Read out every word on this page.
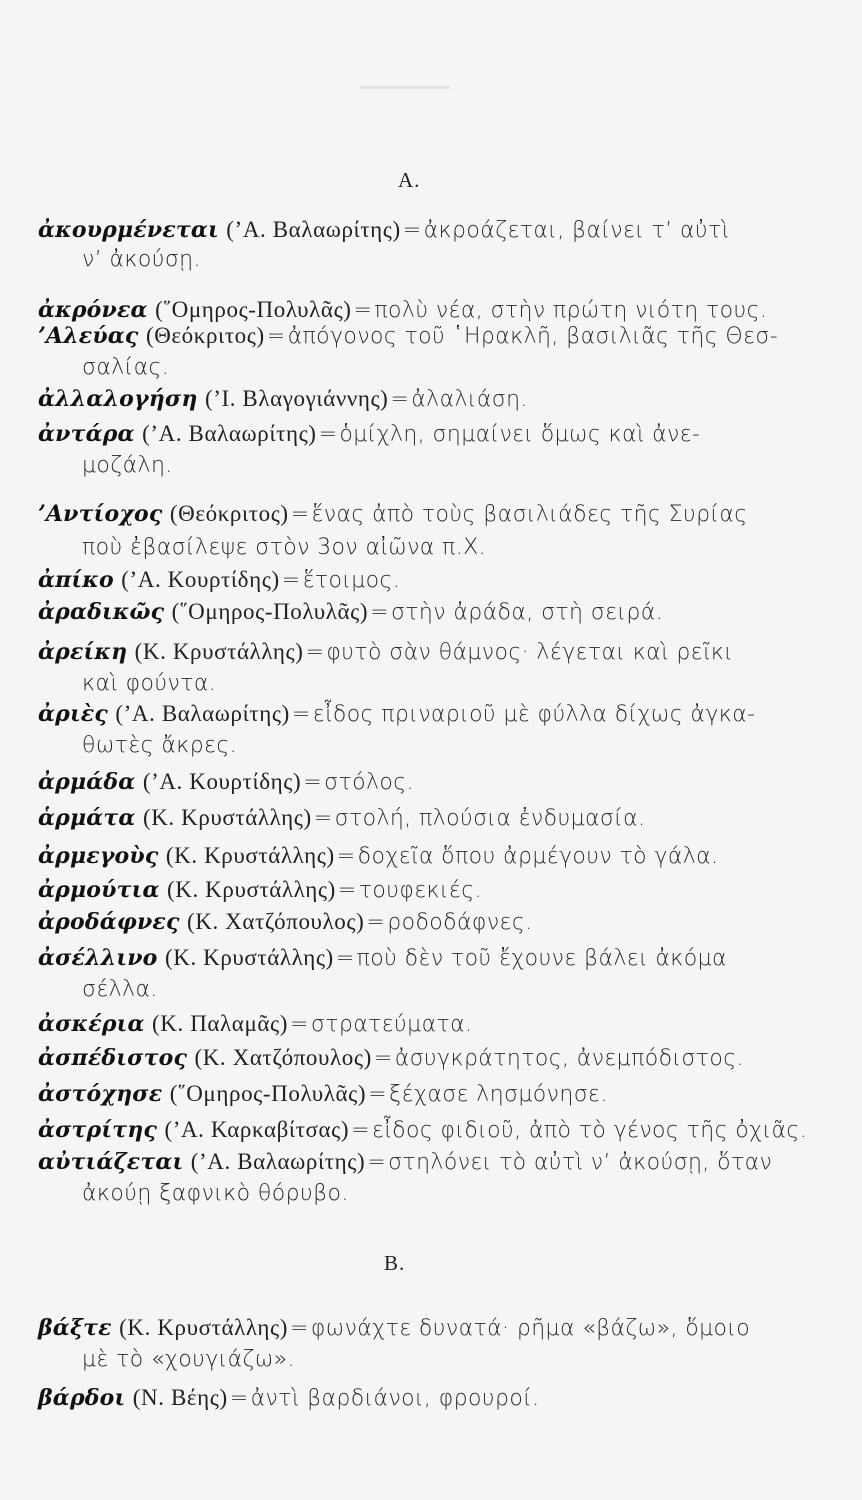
A.
ἀκουρμένεται (ʼΑ. Βαλαωρίτης)=ἀκροάζεται, βαίνει τʼ αὐτὶ
νʼ ἀκούσῃ.
ἀκρόνεα (῞Ομηρος-Πολυλᾶς)=πολὺ νέα, στὴν πρώτη νιότη τους.
ʼΑλεύας (Θεόκριτος)=ἀπόγονος τοῦ ῾Ηρακλῆ, βασιλιᾶς τῆς Θεσ-
σαλίας.
ἀλλαλογήση (ʼΙ. Βλαγογιάννης)=ἀλαλιάση.
ἀντάρα (ʼΑ. Βαλαωρίτης)=ὁμίχλη, σημαίνει ὅμως καὶ ἀνε-
μοζάλη.
ʼΑντίοχος (Θεόκριτος)=ἕνας ἀπὸ τοὺς βασιλιάδες τῆς Συρίας
ποὺ ἐβασίλεψε στὸν 3ον αἰῶνα π.Χ.
ἀπίκο (ʼΑ. Κουρτίδης)=ἕτοιμος.
ἀραδικῶς (῞Ομηρος-Πολυλᾶς)=στὴν ἀράδα, στὴ σειρά.
ἀρείκη (Κ. Κρυστάλλης)=φυτὸ σὰν θάμνος· λέγεται καὶ ρεῖκι
καὶ φούντα.
ἀριὲς (ʼΑ. Βαλαωρίτης)=εἶδος πριναριοῦ μὲ φύλλα δίχως ἀγκα-
θωτὲς ἄκρες.
ἀρμάδα (ʼΑ. Κουρτίδης)=στόλος.
ἁρμάτα (Κ. Κρυστάλλης)=στολή, πλούσια ἐνδυμασία.
ἀρμεγοὺς (Κ. Κρυστάλλης)=δοχεῖα ὅπου ἀρμέγουν τὸ γάλα.
ἀρμούτια (Κ. Κρυστάλλης)=τουφεκιές.
ἀροδάφνες (Κ. Χατζόπουλος)=ροδοδάφνες.
ἀσέλλινο (Κ. Κρυστάλλης)=ποὺ δὲν τοῦ ἔχουνε βάλει ἀκόμα
σέλλα.
ἀσκέρια (Κ. Παλαμᾶς)=στρατεύματα.
ἀσπέδιστος (Κ. Χατζόπουλος)=ἀσυγκράτητος, ἀνεμπόδιστος.
ἀστόχησε (῞Ομηρος-Πολυλᾶς)=ξέχασε λησμόνησε.
ἀστρίτης (ʼΑ. Καρκαβίτσας)=εἶδος φιδιοῦ, ἀπὸ τὸ γένος τῆς ὀχιᾶς.
αὐτιάζεται (ʼΑ. Βαλαωρίτης)=στηλόνει τὸ αὐτὶ νʼ ἀκούσῃ, ὅταν
ἀκούῃ ξαφνικὸ θόρυβο.
B.
βάξτε (Κ. Κρυστάλλης)=φωνάχτε δυνατά· ρῆμα «βάζω», ὅμοιο
μὲ τὸ «χουγιάζω».
βάρδοι (Ν. Βέης)=ἀντὶ βαρδιάνοι, φρουροί.
